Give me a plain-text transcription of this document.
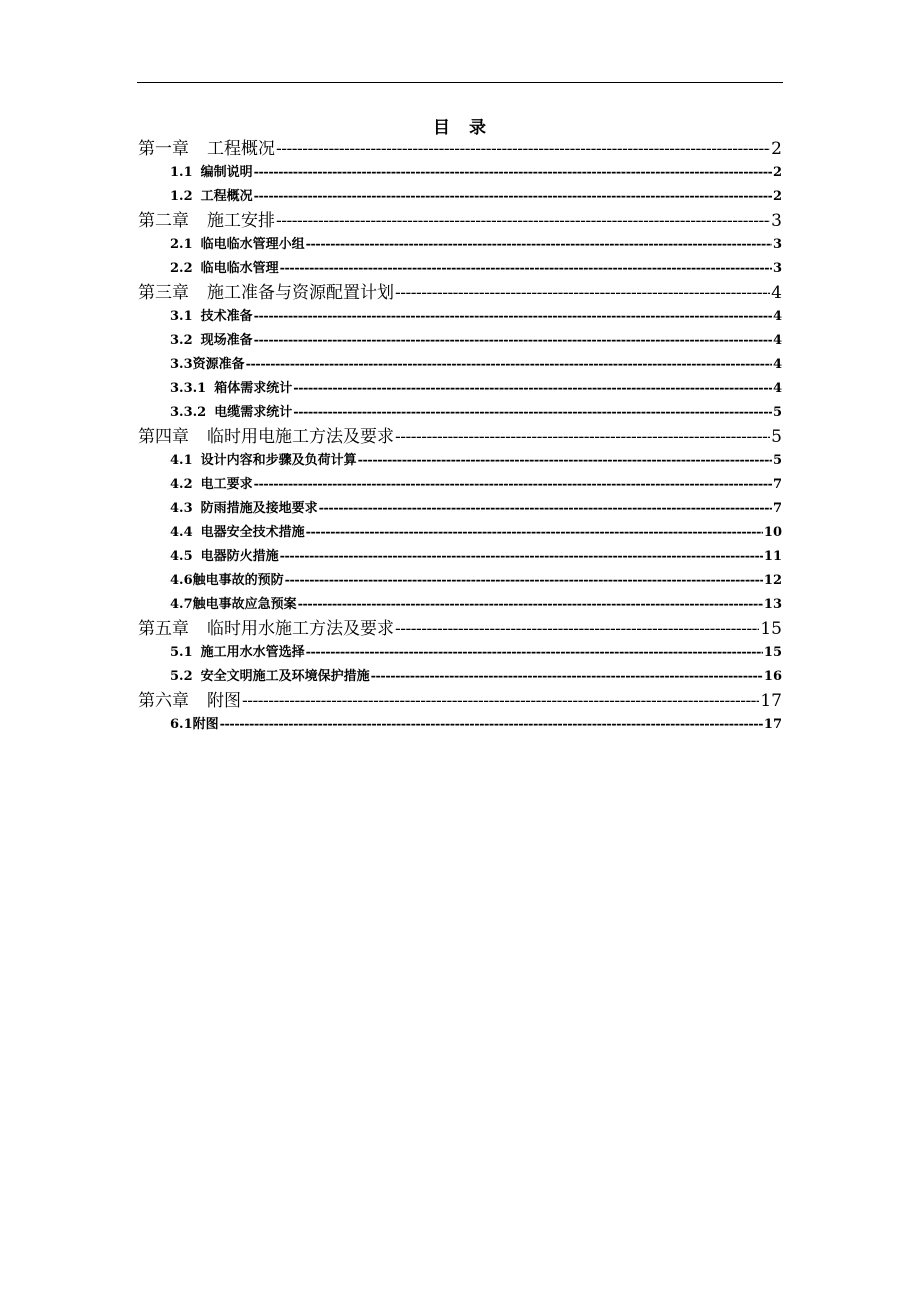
目　录
第一章 工程概况 -----	2
1.1 编制说明 -----	2
1.2 工程概况 -----	2
第二章 施工安排 -----	3
2.1 临电临水管理小组 -----	3
2.2 临电临水管理 -----	3
第三章 施工准备与资源配置计划 -----	4
3.1 技术准备 -----	4
3.2 现场准备 -----	4
3.3资源准备 -----	4
3.3.1 箱体需求统计 -----	4
3.3.2 电缆需求统计 -----	5
第四章 临时用电施工方法及要求 -----	5
4.1 设计内容和步骤及负荷计算 -----	5
4.2 电工要求 -----	7
4.3 防雨措施及接地要求 -----	7
4.4 电器安全技术措施 -----	10
4.5 电器防火措施 -----	11
4.6触电事故的预防 -----	12
4.7触电事故应急预案 -----	13
第五章 临时用水施工方法及要求 -----	15
5.1 施工用水水管选择 -----	15
5.2 安全文明施工及环境保护措施 -----	16
第六章 附图 -----	17
6.1附图 -----	17
